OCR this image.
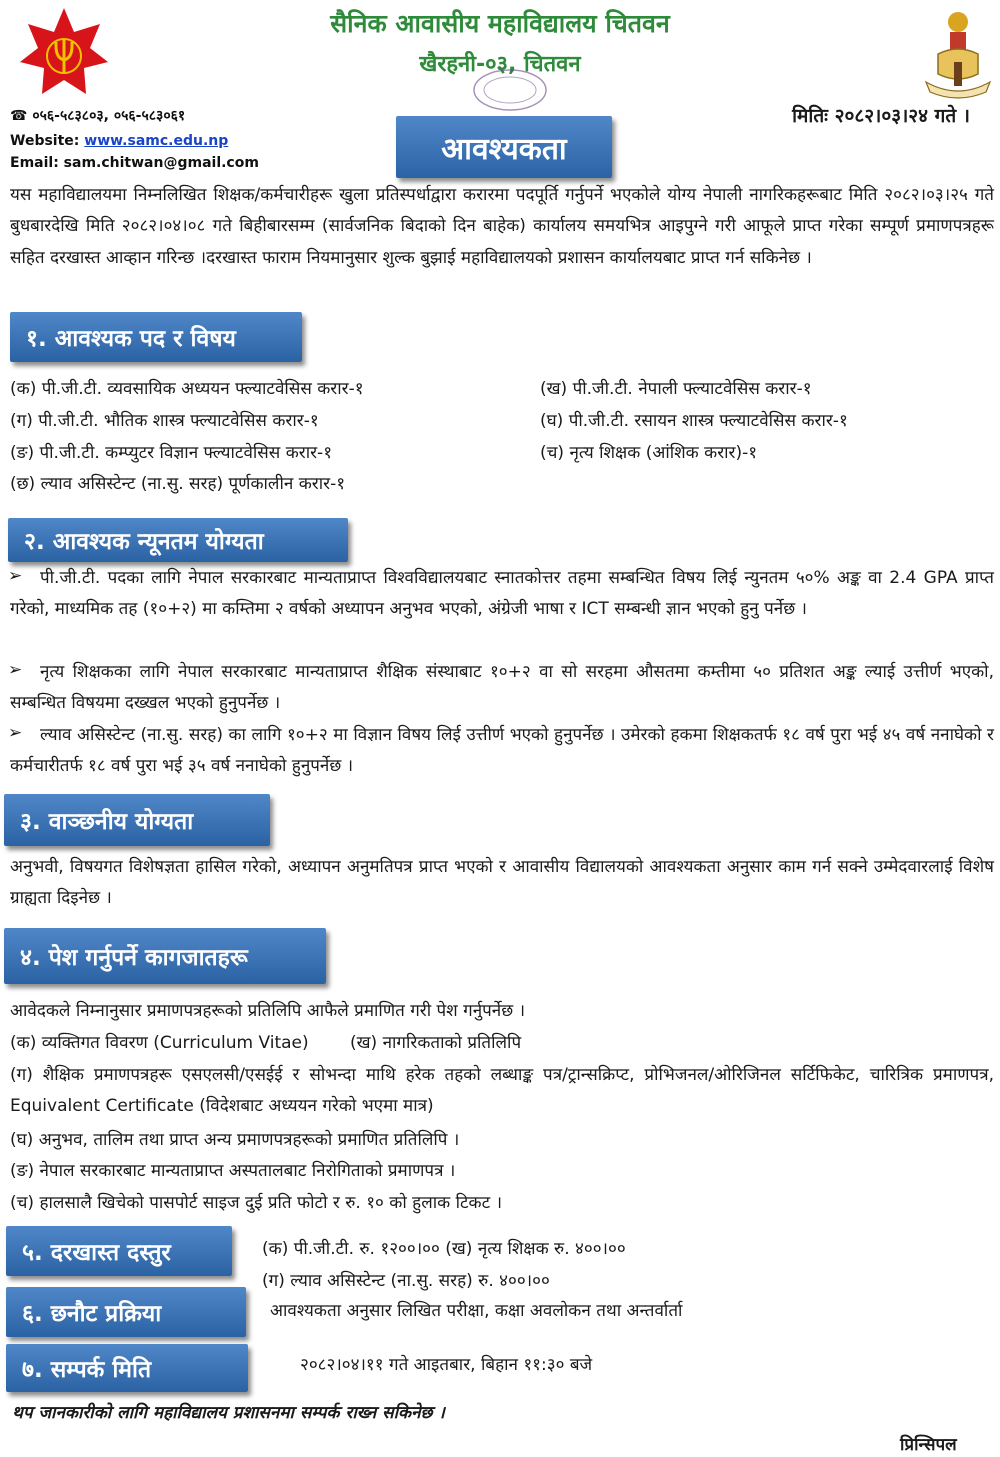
सैनिक आवासीय महाविद्यालय चितवन
खैरहनी-०३, चितवन
☎ ०५६-५८३८०३, ०५६-५८३०६१
Website: www.samc.edu.np
Email: sam.chitwan@gmail.com
मितिः २०८२।०३।२४ गते ।
आवश्यकता

यस महाविद्यालयमा निम्नलिखित शिक्षक/कर्मचारीहरू खुला प्रतिस्पर्धाद्वारा करारमा पदपूर्ति गर्नुपर्ने भएकोले योग्य नेपाली नागरिकहरूबाट मिति २०८२।०३।२५ गते बुधबारदेखि मिति २०८२।०४।०८ गते बिहीबारसम्म (सार्वजनिक बिदाको दिन बाहेक) कार्यालय समयभित्र आइपुग्ने गरी आफूले प्राप्त गरेका सम्पूर्ण प्रमाणपत्रहरू सहित दरखास्त आव्हान गरिन्छ ।दरखास्त फाराम नियमानुसार शुल्क बुझाई महाविद्यालयको प्रशासन कार्यालयबाट प्राप्त गर्न सकिनेछ ।

१. आवश्यक पद र विषय
(क) पी.जी.टी. व्यवसायिक अध्ययन फ्ल्याटवेसिस करार-१	(ख) पी.जी.टी. नेपाली फ्ल्याटवेसिस करार-१
(ग) पी.जी.टी. भौतिक शास्त्र फ्ल्याटवेसिस करार-१	(घ) पी.जी.टी. रसायन शास्त्र फ्ल्याटवेसिस करार-१
(ङ) पी.जी.टी. कम्प्युटर विज्ञान फ्ल्याटवेसिस करार-१	(च) नृत्य शिक्षक (आंशिक करार)-१
(छ) ल्याव असिस्टेन्ट (ना.सु. सरह) पूर्णकालीन करार-१
२. आवश्यक न्यूनतम योग्यता
➢	पी.जी.टी. पदका लागि नेपाल सरकारबाट मान्यताप्राप्त विश्वविद्यालयबाट स्नातकोत्तर तहमा सम्बन्धित विषय लिई न्युनतम ५०% अङ्क वा 2.4 GPA प्राप्त गरेको, माध्यमिक तह (१०+२) मा कम्तिमा २ वर्षको अध्यापन अनुभव भएको, अंग्रेजी भाषा र ICT सम्बन्धी ज्ञान भएको हुनु पर्नेछ ।

➢	नृत्य शिक्षकका लागि नेपाल सरकारबाट मान्यताप्राप्त शैक्षिक संस्थाबाट १०+२ वा सो सरहमा औसतमा कम्तीमा ५० प्रतिशत अङ्क ल्याई उत्तीर्ण भएको, सम्बन्धित विषयमा दख्खल भएको हुनुपर्नेछ ।

➢	ल्याव असिस्टेन्ट (ना.सु. सरह) का लागि १०+२ मा विज्ञान विषय लिई उत्तीर्ण भएको हुनुपर्नेछ । उमेरको हकमा शिक्षकतर्फ १८ वर्ष पुरा भई ४५ वर्ष ननाघेको र कर्मचारीतर्फ १८ वर्ष पुरा भई ३५ वर्ष ननाघेको हुनुपर्नेछ ।

३. वाञ्छनीय योग्यता

अनुभवी, विषयगत विशेषज्ञता हासिल गरेको, अध्यापन अनुमतिपत्र प्राप्त भएको र आवासीय विद्यालयको आवश्यकता अनुसार काम गर्न सक्ने उम्मेदवारलाई विशेष ग्राह्यता दिइनेछ ।

४. पेश गर्नुपर्ने कागजातहरू
आवेदकले निम्नानुसार प्रमाणपत्रहरूको प्रतिलिपि आफैले प्रमाणित गरी पेश गर्नुपर्नेछ ।
(क) व्यक्तिगत विवरण (Curriculum Vitae) (ख) नागरिकताको प्रतिलिपि

(ग) शैक्षिक प्रमाणपत्रहरू एसएलसी/एसईई र सोभन्दा माथि हरेक तहको लब्धाङ्क पत्र/ट्रान्सक्रिप्ट, प्रोभिजनल/ओरिजिनल सर्टिफिकेट, चारित्रिक प्रमाणपत्र, Equivalent Certificate (विदेशबाट अध्ययन गरेको भएमा मात्र)

(घ) अनुभव, तालिम तथा प्राप्त अन्य प्रमाणपत्रहरूको प्रमाणित प्रतिलिपि ।
(ङ) नेपाल सरकारबाट मान्यताप्राप्त अस्पतालबाट निरोगिताको प्रमाणपत्र ।
(च) हालसालै खिचेको पासपोर्ट साइज दुई प्रति फोटो र रु. १० को हुलाक टिकट ।
५. दरखास्त दस्तुर	(क) पी.जी.टी. रु. १२००।०० (ख) नृत्य शिक्षक रु. ४००।००
(ग) ल्याव असिस्टेन्ट (ना.सु. सरह) रु. ४००।००
६. छनौट प्रक्रिया	आवश्यकता अनुसार लिखित परीक्षा, कक्षा अवलोकन तथा अन्तर्वार्ता
७. सम्पर्क मिति	२०८२।०४।११ गते आइतबार, बिहान ११:३० बजे
थप जानकारीको लागि महाविद्यालय प्रशासनमा सम्पर्क राख्न सकिनेछ ।
प्रिन्सिपल
